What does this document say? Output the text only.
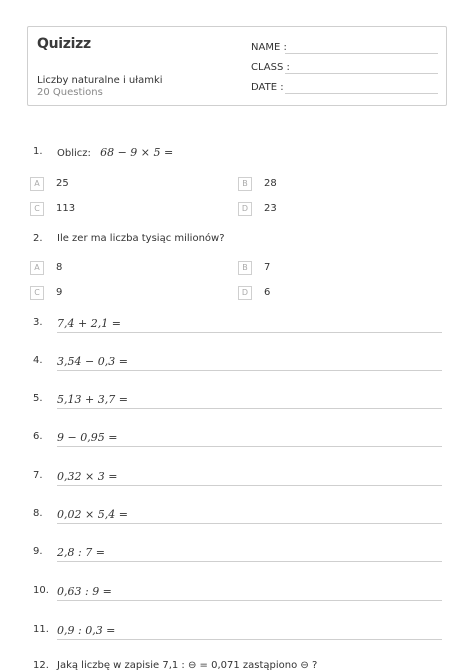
Quizizz
Liczby naturalne i ułamki
20 Questions
NAME :
CLASS :
DATE :
1.	Oblicz: 68 − 9 × 5 =
A	25	B	28
C	113	D	23
2.	Ile zer ma liczba tysiąc milionów?
A	8	B	7
C	9	D	6
3.	7,4 + 2,1 =
4.	3,54 − 0,3 =
5.	5,13 + 3,7 =
6.	9 − 0,95 =
7.	0,32 × 3 =
8.	0,02 × 5,4 =
9.	2,8 : 7 =
10. 0,63 : 9 =
11. 0,9 : 0,3 =
12. Jaką liczbę w zapisie 7,1 : ⊖ = 0,071 zastąpiono ⊖ ?
